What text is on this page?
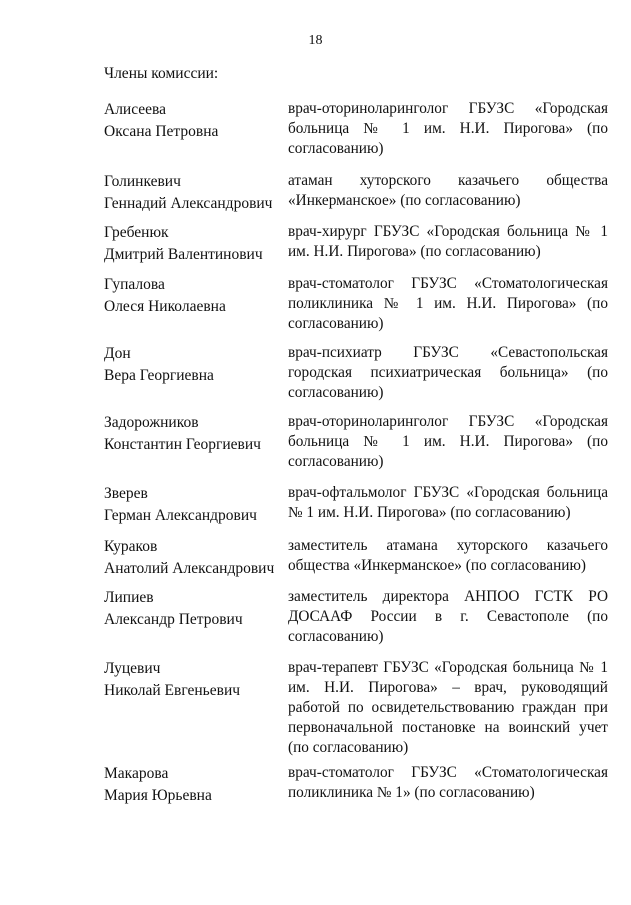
18
Члены комиссии:
Алисеева
Оксана Петровна
врач-оториноларинголог ГБУЗС «Городская больница № 1 им. Н.И. Пирогова» (по согласованию)
Голинкевич
Геннадий Александрович
атаман хуторского казачьего общества «Инкерманское» (по согласованию)
Гребенюк
Дмитрий Валентинович
врач-хирург ГБУЗС «Городская больница № 1 им. Н.И. Пирогова» (по согласованию)
Гупалова
Олеся Николаевна
врач-стоматолог ГБУЗС «Стоматологическая поликлиника № 1 им. Н.И. Пирогова» (по согласованию)
Дон
Вера Георгиевна
врач-психиатр ГБУЗС «Севастопольская городская психиатрическая больница» (по согласованию)
Задорожников
Константин Георгиевич
врач-оториноларинголог ГБУЗС «Городская больница № 1 им. Н.И. Пирогова» (по согласованию)
Зверев
Герман Александрович
врач-офтальмолог ГБУЗС «Городская больница № 1 им. Н.И. Пирогова» (по согласованию)
Кураков
Анатолий Александрович
заместитель атамана хуторского казачьего общества «Инкерманское» (по согласованию)
Липиев
Александр Петрович
заместитель директора АНПОО ГСТК РО ДОСААФ России в г. Севастополе (по согласованию)
Луцевич
Николай Евгеньевич
врач-терапевт ГБУЗС «Городская больница № 1 им. Н.И. Пирогова» – врач, руководящий работой по освидетельствованию граждан при первоначальной постановке на воинский учет (по согласованию)
Макарова
Мария Юрьевна
врач-стоматолог ГБУЗС «Стоматологическая поликлиника № 1» (по согласованию)
